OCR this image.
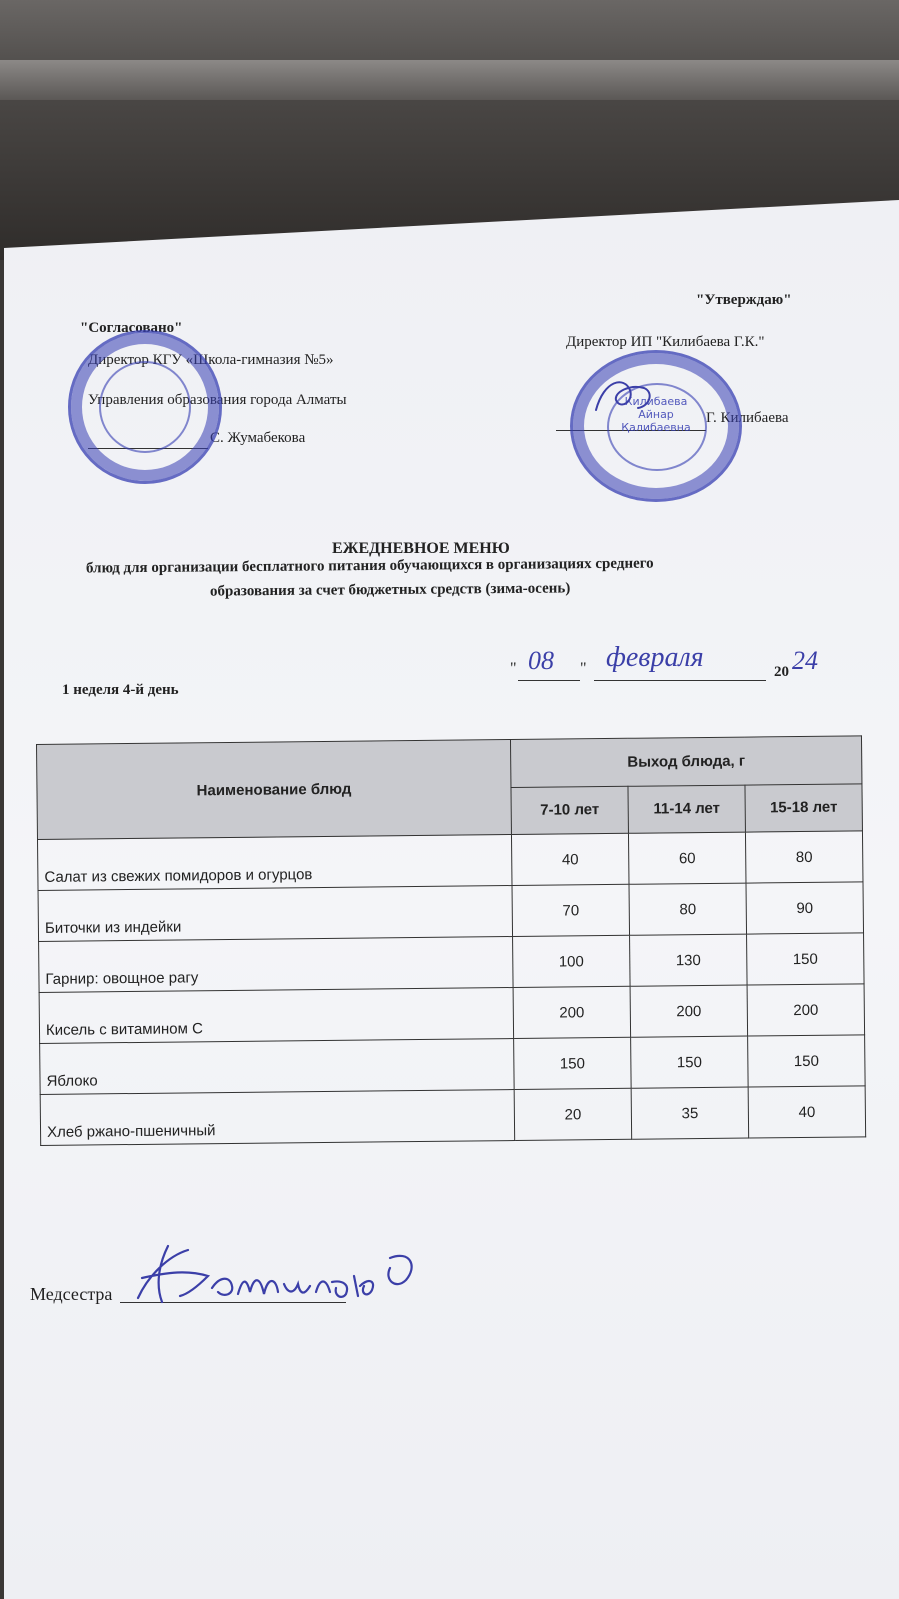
"Согласовано"
Директор КГУ «Школа-гимназия №5»
Управления образования города Алматы
С. Жумабекова
"Утверждаю"
Директор ИП "Килибаева Г.К."
Г. Килибаева
Килибаева Айнар Қалибаевна
ЕЖЕДНЕВНОЕ МЕНЮ
блюд для организации бесплатного питания обучающихся в организациях среднего
образования за счет бюджетных средств (зима-осень)
1 неделя 4-й день
" 08 " февраля	20 24
Наименование блюд	Выход блюда, г		
	7-10 лет	11-14 лет	15-18 лет
Салат из свежих помидоров и огурцов	40	60	80
Биточки из индейки	70	80	90
Гарнир: овощное рагу	100	130	150
Кисель с витамином С	200	200	200
Яблоко	150	150	150
Хлеб ржано-пшеничный	20	35	40
Медсестра
